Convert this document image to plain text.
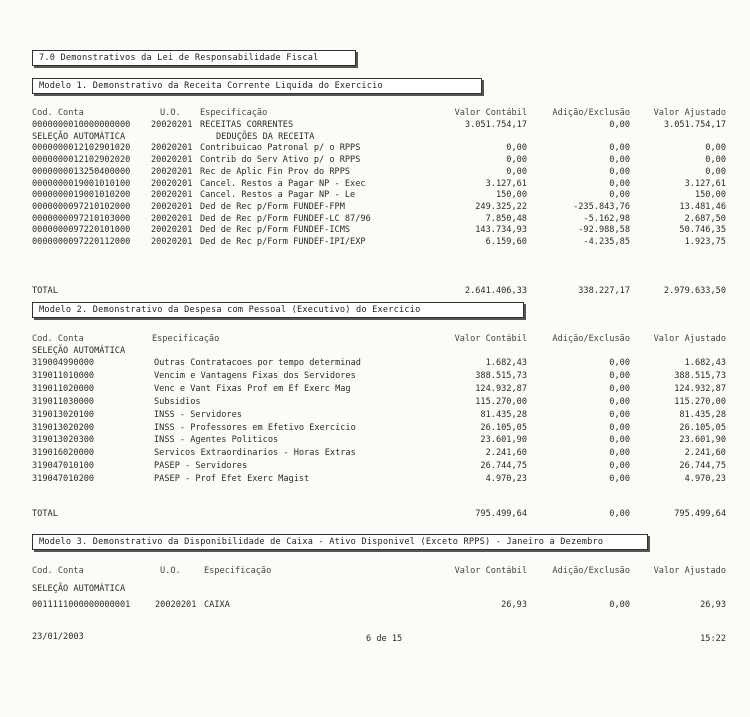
7.0 Demonstrativos da Lei de Responsabilidade Fiscal
Modelo 1. Demonstrativo da Receita Corrente Liquida do Exercicio
Cod. Conta	U.O. Especificação	Valor Contábil	Adição/Exclusão	Valor Ajustado
0000000010000000000 20020201 RECEITAS CORRENTES	3.051.754,17	0,00	3.051.754,17
SELEÇÃO AUTOMÁTICA	DEDUÇÕES DA RECEITA
0000000012102901020 20020201 Contribuicao Patronal p/ o RPPS	0,00	0,00	0,00
0000000012102902020 20020201 Contrib do Serv Ativo p/ o RPPS	0,00	0,00	0,00
0000000013250400000 20020201 Rec de Aplic Fin Prov do RPPS	0,00	0,00	0,00
0000000019001010100 20020201 Cancel. Restos a Pagar NP - Exec	3.127,61	0,00	3.127,61
0000000019001010200 20020201 Cancel. Restos a Pagar NP - Le	150,00	0,00	150,00
0000000097210102000 20020201 Ded de Rec p/Form FUNDEF-FPM	249.325,22	-235.843,76	13.481,46
0000000097210103000 20020201 Ded de Rec p/Form FUNDEF-LC 87/96	7.850,48	-5.162,98	2.687,50
0000000097220101000 20020201 Ded de Rec p/Form FUNDEF-ICMS	143.734,93	-92.988,58	50.746,35
0000000097220112000 20020201 Ded de Rec p/Form FUNDEF-IPI/EXP	6.159,60	-4.235,85	1.923,75
TOTAL	2.641.406,33	338.227,17	2.979.633,50
Modelo 2. Demonstrativo da Despesa com Pessoal (Executivo) do Exercicio
Cod. Conta	Especificação	Valor Contábil	Adição/Exclusão	Valor Ajustado
SELEÇÃO AUTOMÁTICA
319004990000	Outras Contratacoes por tempo determinad	1.682,43	0,00	1.682,43
319011010000	Vencim e Vantagens Fixas dos Servidores	388.515,73	0,00	388.515,73
319011020000	Venc e Vant Fixas Prof em Ef Exerc Mag	124.932,87	0,00	124.932,87
319011030000	Subsidios	115.270,00	0,00	115.270,00
319013020100	INSS - Servidores	81.435,28	0,00	81.435,28
319013020200	INSS - Professores em Efetivo Exercicio	26.105,05	0,00	26.105,05
319013020300	INSS - Agentes Politicos	23.601,90	0,00	23.601,90
319016020000	Servicos Extraordinarios - Horas Extras	2.241,60	0,00	2.241,60
319047010100	PASEP - Servidores	26.744,75	0,00	26.744,75
319047010200	PASEP - Prof Efet Exerc Magist	4.970,23	0,00	4.970,23
TOTAL	795.499,64	0,00	795.499,64
Modelo 3. Demonstrativo da Disponibilidade de Caixa - Ativo Disponivel (Exceto RPPS) - Janeiro a Dezembro
Cod. Conta	U.O.	Especificação	Valor Contábil	Adição/Exclusão	Valor Ajustado
SELEÇÃO AUTOMÁTICA
0011111000000000001	20020201 CAIXA	26,93	0,00	26,93
23/01/2003	6 de 15	15:22
